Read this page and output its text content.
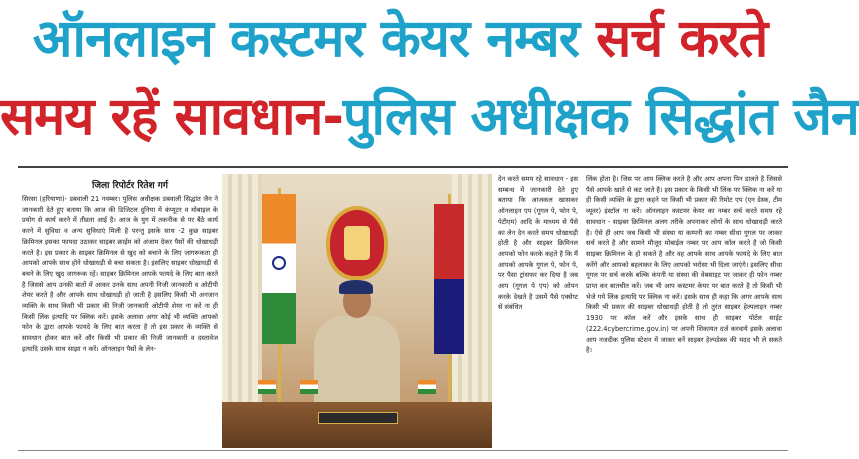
ऑनलाइन कस्टमर केयर नम्बर सर्च करते
समय रहें सावधान-पुलिस अधीक्षक सिद्धांत जैन
जिला रिपोर्टर रितेश गर्ग
सिरसा (हरियाणा)- डबवाली 21 नवम्बर। पुलिस अधीक्षक डबवाली सिद्धांत जैन ने जानकारी देते हुए बताया कि आज की डिजिटल दुनिया में कंप्यूटर व मोबाइल के प्रयोग से कार्य करने में तीव्रता आई है। आज के युग में तकनीक से पर बैठे कार्य करने में सुविधा व अन्य सुविधाएं मिली है परन्तु इसके साथ -2 कुछ साइबर क्रिमिनल इसका फायदा उठाकर साइबर क्राईम को अंजाम देकर पैसों की धोखाधड़ी करते है। इस प्रकार के साइबर क्रिमिनल से खुद को बचाने के लिए जागरूकता ही आपको आपके साथ होने धोखाधड़ी से बचा सकता है। इसलिए साइबर धोखाधड़ी से बचने के लिए खुद जागरूक रहें। साइबर क्रिमिनल आपके फायदे के लिए बात करते है जिससे आप उनकी बातों में आकर उनके साथ अपनी निजी जानकारी व ओटीपी शेयर करते है और आपके साथ धोखाधड़ी हो जाती है इसलिए किसी भी अनजान व्यक्ति के साथ किसी भी प्रकार की निजी जानकारी ओटीपी शेयर ना करें ना ही किसी लिंक इत्यादि पर क्लिक करें। इसके अलावा अगर कोई भी व्यक्ति आपको फोन के द्वारा आपके फायदे के लिए बात करता है तो इस प्रकार के व्यक्ति से सावधान होकर बात करें और किसी भी प्रकार की निजी जानकारी व दस्तावेज इत्यादि उसके साथ साझा न करें। ऑनलाइन पैसों के लेन-
देन करते समय रहे सावधान - इस सम्बन्ध में जानकारी देते हुए बताया कि आजकल खासकर ऑनलाइन एप (गूगल पे, फोन पे, पेटीएम) आदि के माध्यम से पैसे का लेन देन करते समय धोखाधड़ी होती है और साइबर क्रिमिनल आपको फोन करके कहते है कि मैं आपको आपके गूगल पे, फोन पे, पर पैसा ट्रांसफर कर दिया है जब आप (गूगल पे एप) को ओपन करके देखते है उसमें पैसे एक्सेप्ट से संबंधित
लिंक होता है। जिस पर आप क्लिक करते है और आप अपना पिन डालते है जिससे पैसे आपके खाते से कट जाते है। इस प्रकार के किसी भी लिंक पर क्लिक ना करें या ही किसी व्यक्ति के द्वारा कहने पर किसी भी प्रकार की रिमोट एप (एन डेस्क, टीम व्यूवर) इंस्टॉल ना करें। ऑनलाइन कस्टमर केयर का नम्बर सर्च करते समय रहे सावधान - साइबर क्रिमिनल अलग तरीके अपनाकर लोगों के साथ धोखाधड़ी करते है। ऐसे ही आप जब किसी भी संस्था या कम्पनी का नम्बर सीधा गूगल पर जाकर सर्च करते है और सामने मौजूद मोबाईल नम्बर पर आप कॉल करते है जो किसी साइबर क्रिमिनल के हो सकते है और वह आपके साथ आपके फायदे के लिए बात करेंगे और आपको बहलाकर के लिए आपको भरोसा भी दिला जाएंगे। इसलिए सीधा गूगल पर सर्च करके बल्कि कंपनी या संस्था की वेबसाइट पर जाकर ही फोन नम्बर प्राप्त कर बातचीत करें। जब भी आप कस्टमर केयर पर बात करते है तो किसी भी भेजे गये लिंक इत्यादि पर क्लिक ना करें। इसके साथ ही कहा कि अगर आपके साथ किसी भी प्रकार की साइबर धोखाधड़ी होती है तो तुरंत साइबर हेल्पलाइन नम्बर 1930 पर कॉल करें और इसके साथ ही साइबर पोर्टल साईट (222.4cybercrime.gov.in) पर अपनी शिकायत दर्ज करवाये इसके अलावा आप नजदीक पुलिस स्टेशन में जाकर बनें साइबर हेल्पडेस्क की मदद भी ले सकते है।
